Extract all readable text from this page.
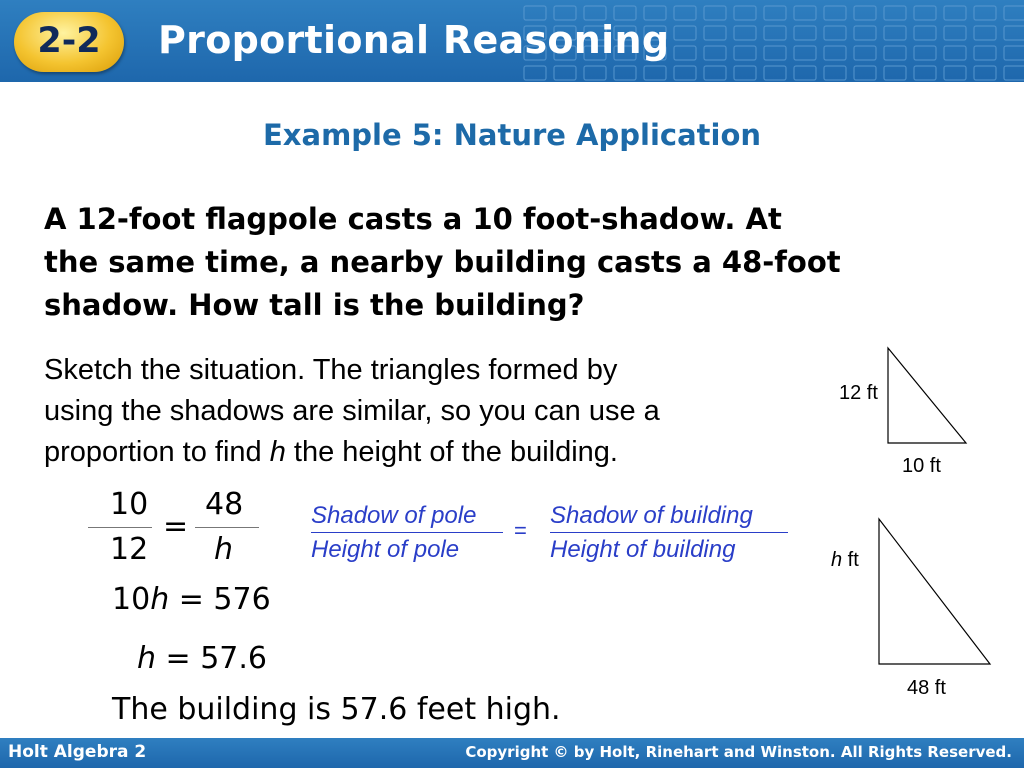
2-2	Proportional Reasoning
Example 5: Nature Application
A 12-foot flagpole casts a 10 foot-shadow. At
the same time, a nearby building casts a 48-foot
shadow. How tall is the building?
Sketch the situation. The triangles formed by
using the shadows are similar, so you can use a
proportion to find h the height of the building.
10
12
=
48
h
Shadow of pole
Height of pole
=
Shadow of building
Height of building
10h = 576
h = 57.6
The building is 57.6 feet high.
12 ft
10 ft
h ft
48 ft
Holt Algebra 2	Copyright © by Holt, Rinehart and Winston. All Rights Reserved.
